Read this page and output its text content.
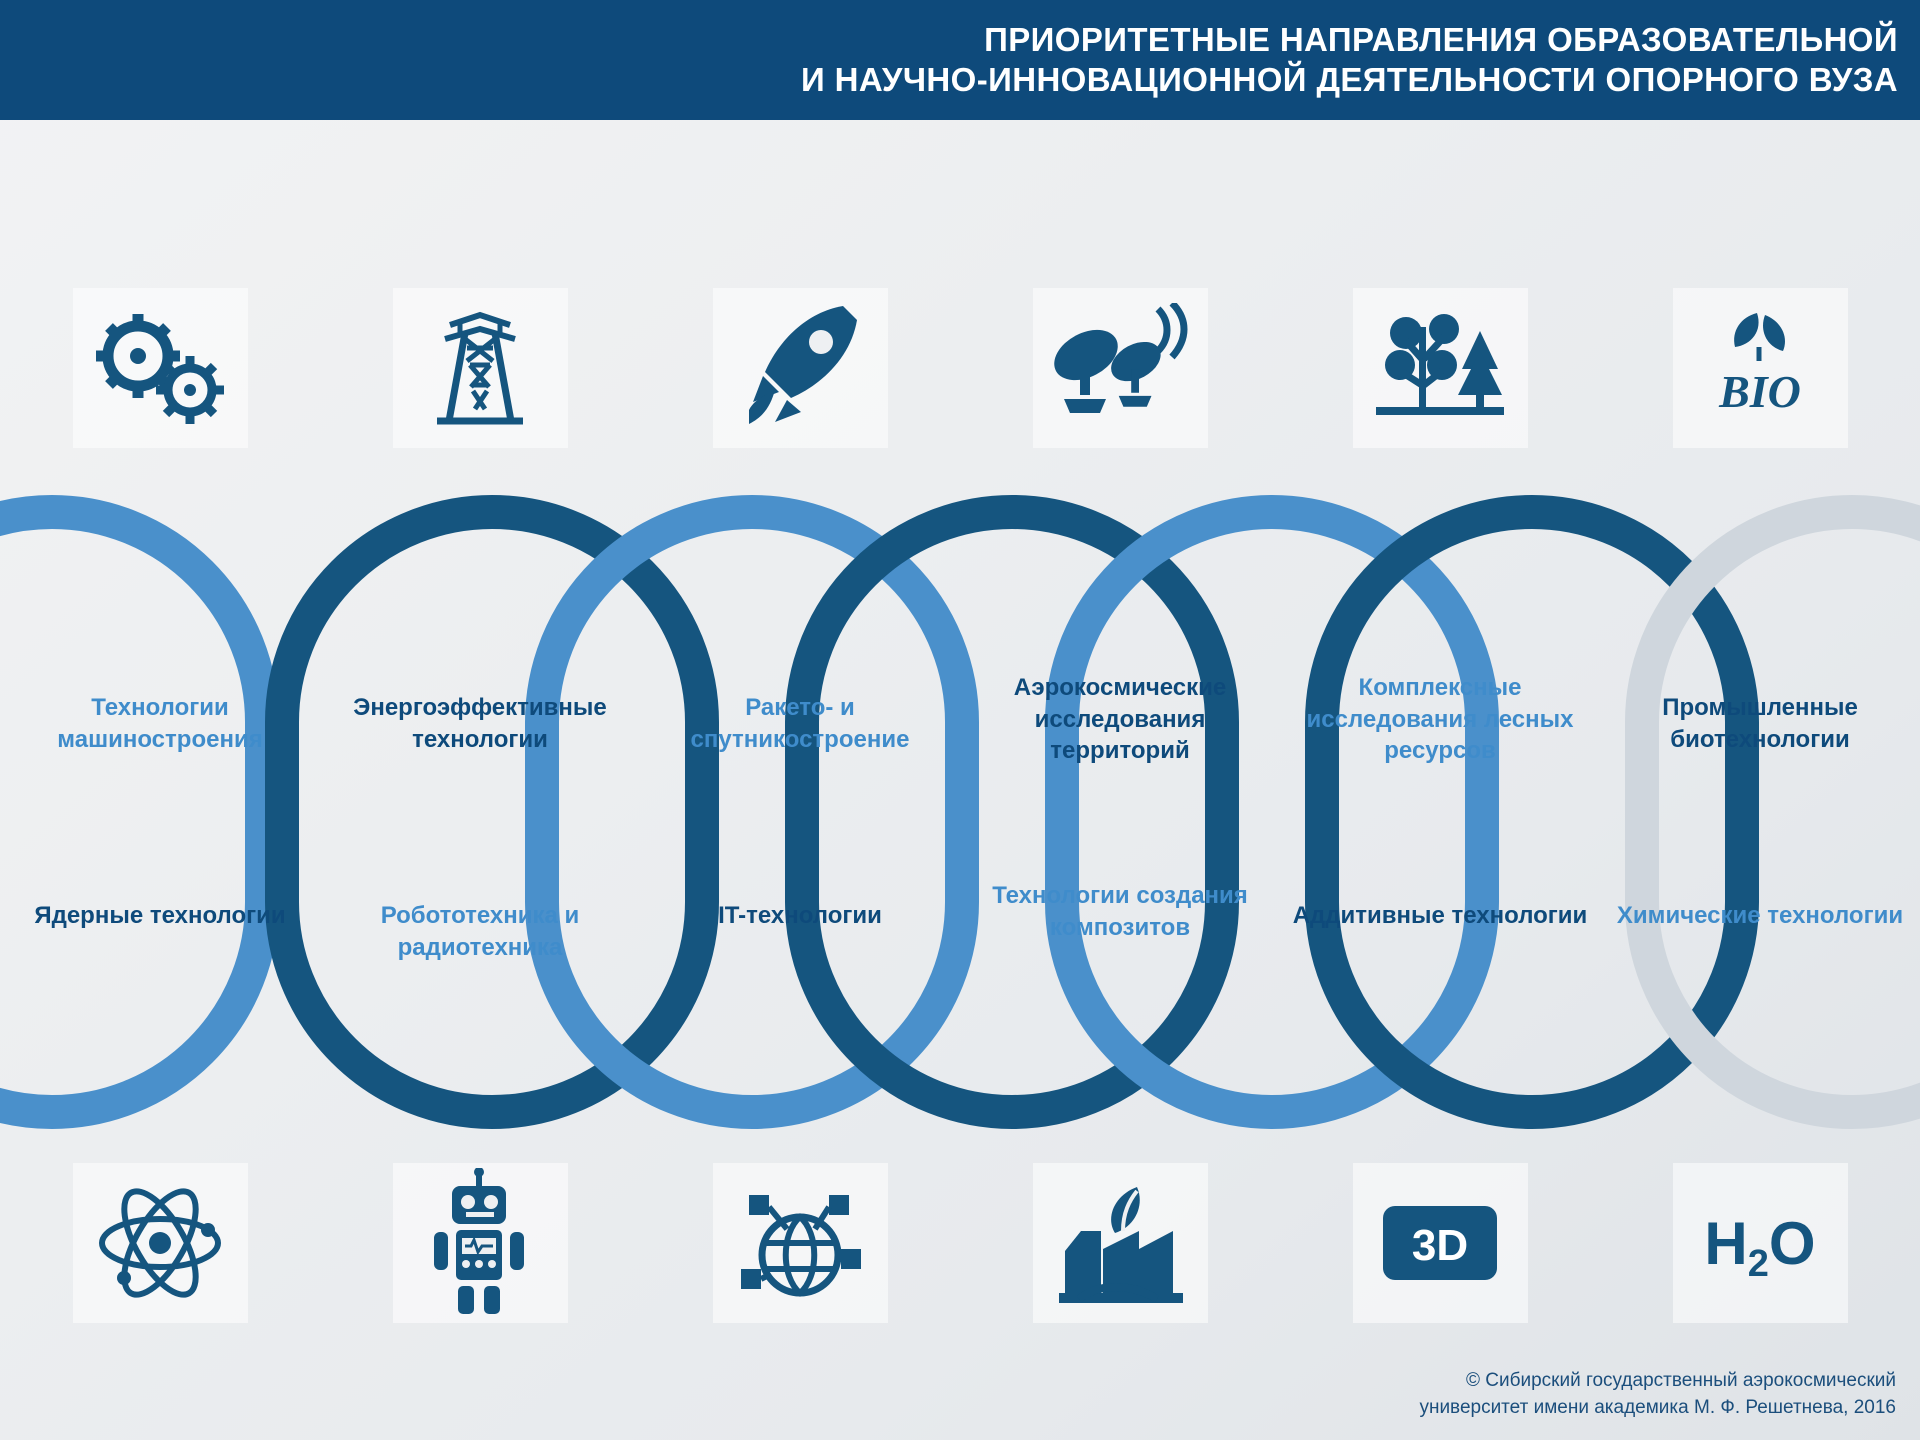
ПРИОРИТЕТНЫЕ НАПРАВЛЕНИЯ ОБРАЗОВАТЕЛЬНОЙ
И НАУЧНО-ИННОВАЦИОННОЙ ДЕЯТЕЛЬНОСТИ ОПОРНОГО ВУЗА
BIO
Технологии машиностроения
Ядерные технологии
Энергоэффективные технологии
Робототехника и радиотехника
Ракето- и спутникостроение
IT-технологии
Аэрокосмические исследования территорий
Технологии создания композитов
Комплексные исследования лесных ресурсов
Аддитивные технологии
Промышленные биотехнологии
Химические технологии
3D	$H_2O$
© Сибирский государственный аэрокосмический
университет имени академика М. Ф. Решетнева, 2016
